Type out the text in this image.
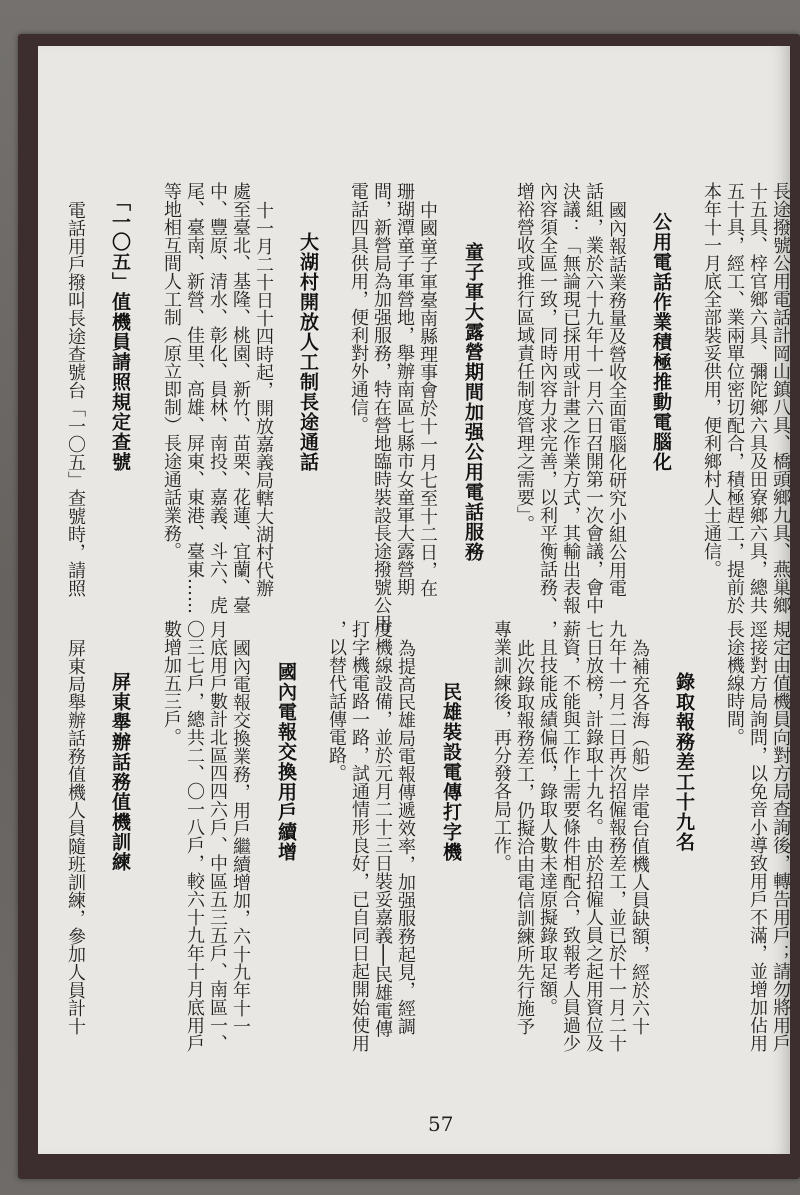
長途撥號公用電話計岡山鎮八具、橋頭鄉九具、燕巢鄉
十五具、梓官鄉六具、彌陀鄉六具及田寮鄉六具，總共
五十具，經工、業兩單位密切配合，積極趕工，提前於
本年十一月底全部裝妥供用，便利鄉村人士通信。
公用電話作業積極推動電腦化
國內報話業務量及營收全面電腦化研究小組公用電
話組，業於六十九年十一月六日召開第一次會議，會中
決議：「無論現已採用或計畫之作業方式，其輸出表報
內容須全區一致，同時內容力求完善，以利平衡話務、
增裕營收或推行區域責任制度管理之需要」。
童子軍大露營期間加强公用電話服務
中國童子軍臺南縣理事會於十一月七至十二日，在
珊瑚潭童子軍營地，舉辦南區七縣市女童軍大露營期
間，新營局為加强服務，特在營地臨時裝設長途撥號公用
電話四具供用，便利對外通信。
大湖村開放人工制長途通話
十一月二十日十四時起，開放嘉義局轄大湖村代辦
處至臺北、基隆、桃園、新竹、苗栗、花蓮、宜蘭、臺
中、豐原、清水、彰化、員林、南投、嘉義、斗六、虎
尾、臺南、新營、佳里、高雄、屏東、東港、臺東……
等地相互間人工制（原立即制）長途通話業務。
「一〇五」值機員請照規定查號
電話用戶撥叫長途查號台「一〇五」查號時，請照
規定由值機員向對方局查詢後，轉告用戶；請勿將用戶
逕接對方局詢問，以免音小導致用戶不滿，並增加佔用
長途機線時間。
錄取報務差工十九名
為補充各海（船）岸電台值機人員缺額，經於六十
九年十一月二日再次招僱報務差工，並已於十一月二十
七日放榜，計錄取十九名。由於招僱人員之起用資位及
薪資，不能與工作上需要條件相配合，致報考人員過少
，且技能成績偏低，錄取人數未達原擬錄取足額。
此次錄取報務差工，仍擬洽由電信訓練所先行施予
專業訓練後，再分發各局工作。
民雄裝設電傳打字機
為提高民雄局電報傳遞效率，加强服務起見，經調
度機線設備，並於元月二十三日裝妥嘉義──民雄電傳
打字機電路一路，試通情形良好，已自同日起開始使用
，以替代話傳電路。
國內電報交換用戶續增
國內電報交換業務，用戶繼續增加，六十九年十一
月底用戶數計北區四四六戶、中區五三五戶、南區一、
〇三七戶，總共二、〇一八戶，較六十九年十月底用戶
數增加五三戶。
屏東舉辦話務值機訓練
屏東局舉辦話務值機人員隨班訓練，參加人員計十
57
